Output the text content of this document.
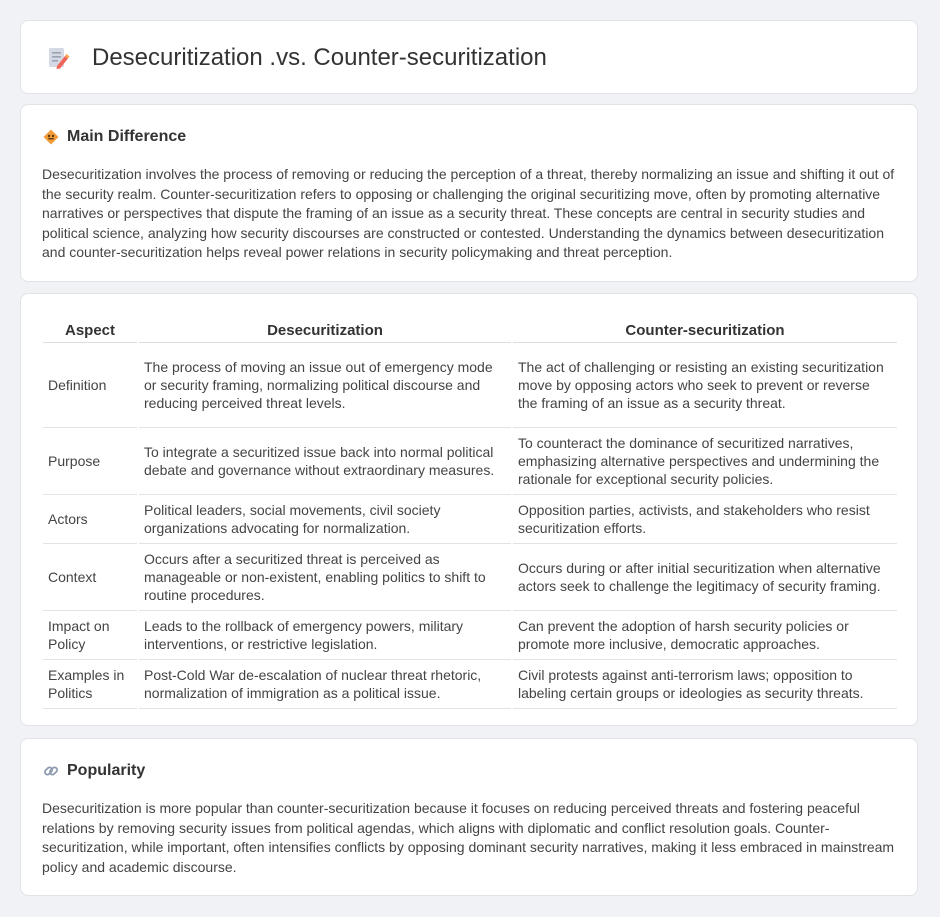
Desecuritization .vs. Counter-securitization
Main Difference

Desecuritization involves the process of removing or reducing the perception of a threat, thereby normalizing an issue and shifting it out of the security realm. Counter-securitization refers to opposing or challenging the original securitizing move, often by promoting alternative narratives or perspectives that dispute the framing of an issue as a security threat. These concepts are central in security studies and political science, analyzing how security discourses are constructed or contested. Understanding the dynamics between desecuritization and counter-securitization helps reveal power relations in security policymaking and threat perception.

Aspect	Desecuritization	Counter-securitization
Definition	The process of moving an issue out of emergency mode or security framing, normalizing political discourse and reducing perceived threat levels.	The act of challenging or resisting an existing securitization move by opposing actors who seek to prevent or reverse the framing of an issue as a security threat.
Purpose	To integrate a securitized issue back into normal political debate and governance without extraordinary measures.	To counteract the dominance of securitized narratives, emphasizing alternative perspectives and undermining the rationale for exceptional security policies.
Actors	Political leaders, social movements, civil society organizations advocating for normalization.	Opposition parties, activists, and stakeholders who resist securitization efforts.
Context	Occurs after a securitized threat is perceived as manageable or non-existent, enabling politics to shift to routine procedures.	Occurs during or after initial securitization when alternative actors seek to challenge the legitimacy of security framing.
Impact on Policy	Leads to the rollback of emergency powers, military interventions, or restrictive legislation.	Can prevent the adoption of harsh security policies or promote more inclusive, democratic approaches.
Examples in Politics	Post-Cold War de-escalation of nuclear threat rhetoric, normalization of immigration as a political issue.	Civil protests against anti-terrorism laws; opposition to labeling certain groups or ideologies as security threats.
Popularity

Desecuritization is more popular than counter-securitization because it focuses on reducing perceived threats and fostering peaceful relations by removing security issues from political agendas, which aligns with diplomatic and conflict resolution goals. Counter-securitization, while important, often intensifies conflicts by opposing dominant security narratives, making it less embraced in mainstream policy and academic discourse.
